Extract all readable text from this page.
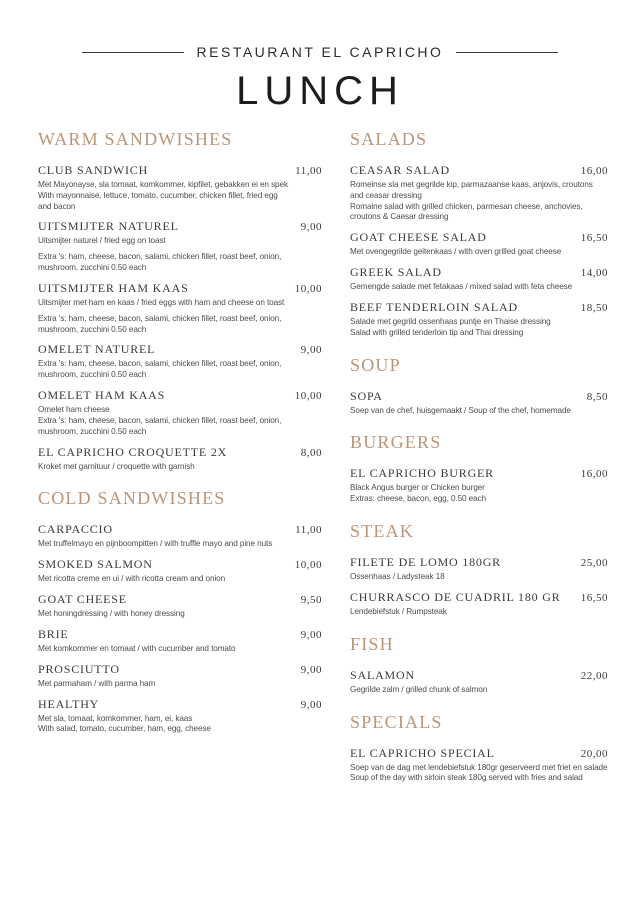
RESTAURANT EL CAPRICHO
LUNCH
WARM SANDWISHES
CLUB SANDWICH	11,00

Met Mayonayse, sla tomaat, komkommer, kipfilet, gebakken ei en spek
With mayonnaise, lettuce, tomato, cucumber, chicken fillet, fried egg
and bacon

UITSMIJTER NATUREL	9,00

Uitsmijter naturel / fried egg on toast

Extra 's: ham, cheese, bacon, salami, chicken fillet, roast beef, onion,
mushroom, zucchini 0.50 each

UITSMIJTER HAM KAAS	10,00

Uitsmijter met ham en kaas / fried eggs with ham and cheese on toast

Extra 's: ham, cheese, bacon, salami, chicken fillet, roast beef, onion,
mushroom, zucchini 0.50 each

OMELET NATUREL	9,00

Extra 's: ham, cheese, bacon, salami, chicken fillet, roast beef, onion,
mushroom, zucchini 0.50 each

OMELET HAM KAAS	10,00

Omelet ham cheese
Extra 's: ham, cheese, bacon, salami, chicken fillet, roast beef, onion,
mushroom, zucchini 0.50 each

EL CAPRICHO CROQUETTE 2X	8,00

Kroket met garnituur / croquette with garnish

COLD SANDWISHES
CARPACCIO	11,00

Met truffelmayo en pijnboompitten / with truffle mayo and pine nuts

SMOKED SALMON	10,00

Met ricotta creme en ui / with ricotta cream and onion

GOAT CHEESE	9,50

Met honingdressing / with honey dressing

BRIE	9,00

Met komkommer en tomaat / with cucumber and tomato

PROSCIUTTO	9,00

Met parmaham / with parma ham

HEALTHY	9,00

Met sla, tomaat, komkommer, ham, ei, kaas
With salad, tomato, cucumber, ham, egg, cheese

SALADS
CEASAR SALAD	16,00

Romeinse sla met gegrilde kip, parmazaanse kaas, anjovis, croutons
and ceasar dressing
Romaine salad with grilled chicken, parmesan cheese, anchovies,
croutons & Caesar dressing

GOAT CHEESE SALAD	16,50

Met ovengegrilde geitenkaas / with oven grilled goat cheese

GREEK SALAD	14,00

Gemengde salade met fetakaas / mixed salad with feta cheese

BEEF TENDERLOIN SALAD	18,50

Salade met gegrild ossenhaas puntje en Thaise dressing
Salad with grilled tenderloin tip and Thai dressing

SOUP
SOPA	8,50

Soep van de chef, huisgemaakt / Soup of the chef, homemade

BURGERS
EL CAPRICHO BURGER	16,00

Black Angus burger or Chicken burger
Extras: cheese, bacon, egg, 0.50 each

STEAK
FILETE DE LOMO 180GR	25,00

Ossenhaas / Ladysteak 18

CHURRASCO DE CUADRIL 180 GR 16,50

Lendebiefstuk / Rumpsteak

FISH
SALAMON	22,00

Gegrilde zalm / grilled chunk of salmon

SPECIALS
EL CAPRICHO SPECIAL	20,00

Soep van de dag met lendebiefstuk 180gr geserveerd met friet en salade
Soup of the day with sirloin steak 180g served with fries and salad
